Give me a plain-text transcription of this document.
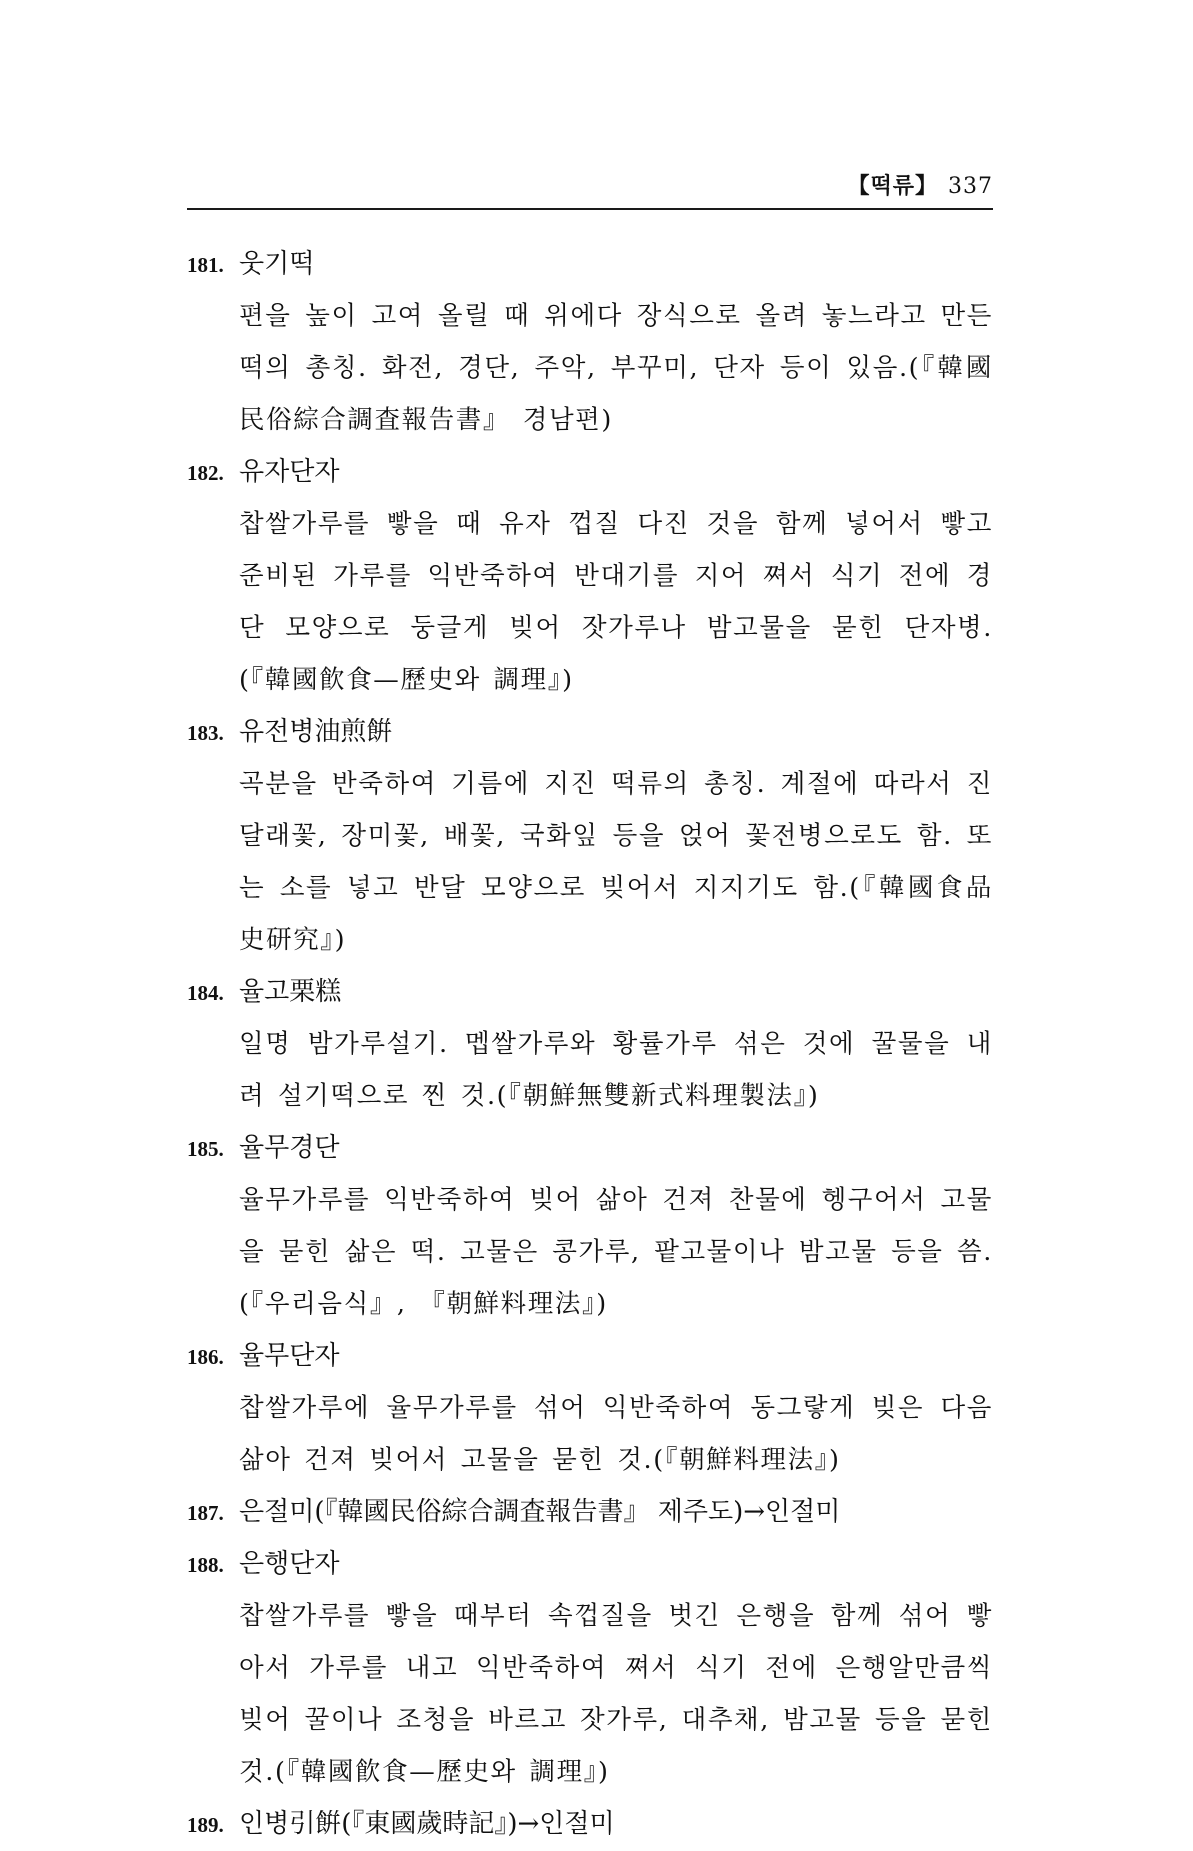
【떡류】 337
181. 웃기떡
편을 높이 고여 올릴 때 위에다 장식으로 올려 놓느라고 만든 떡의 총칭. 화전, 경단, 주악, 부꾸미, 단자 등이 있음.(『韓國民俗綜合調査報告書』 경남편)
182. 유자단자
찹쌀가루를 빻을 때 유자 껍질 다진 것을 함께 넣어서 빻고 준비된 가루를 익반죽하여 반대기를 지어 쪄서 식기 전에 경단 모양으로 둥글게 빚어 잣가루나 밤고물을 묻힌 단자병.(『韓國飮食—歷史와 調理』)
183. 유전병油煎餠
곡분을 반죽하여 기름에 지진 떡류의 총칭. 계절에 따라서 진달래꽃, 장미꽃, 배꽃, 국화잎 등을 얹어 꽃전병으로도 함. 또는 소를 넣고 반달 모양으로 빚어서 지지기도 함.(『韓國食品史研究』)
184. 율고栗糕
일명 밤가루설기. 멥쌀가루와 황률가루 섞은 것에 꿀물을 내려 설기떡으로 찐 것.(『朝鮮無雙新式料理製法』)
185. 율무경단
율무가루를 익반죽하여 빚어 삶아 건져 찬물에 헹구어서 고물을 묻힌 삶은 떡. 고물은 콩가루, 팥고물이나 밤고물 등을 씀.(『우리음식』, 『朝鮮料理法』)
186. 율무단자
찹쌀가루에 율무가루를 섞어 익반죽하여 동그랗게 빚은 다음 삶아 건져 빚어서 고물을 묻힌 것.(『朝鮮料理法』)
187. 은절미(『韓國民俗綜合調査報告書』 제주도)→인절미
188. 은행단자
찹쌀가루를 빻을 때부터 속껍질을 벗긴 은행을 함께 섞어 빻아서 가루를 내고 익반죽하여 쪄서 식기 전에 은행알만큼씩 빚어 꿀이나 조청을 바르고 잣가루, 대추채, 밤고물 등을 묻힌 것.(『韓國飮食—歷史와 調理』)
189. 인병引餠(『東國歲時記』)→인절미
